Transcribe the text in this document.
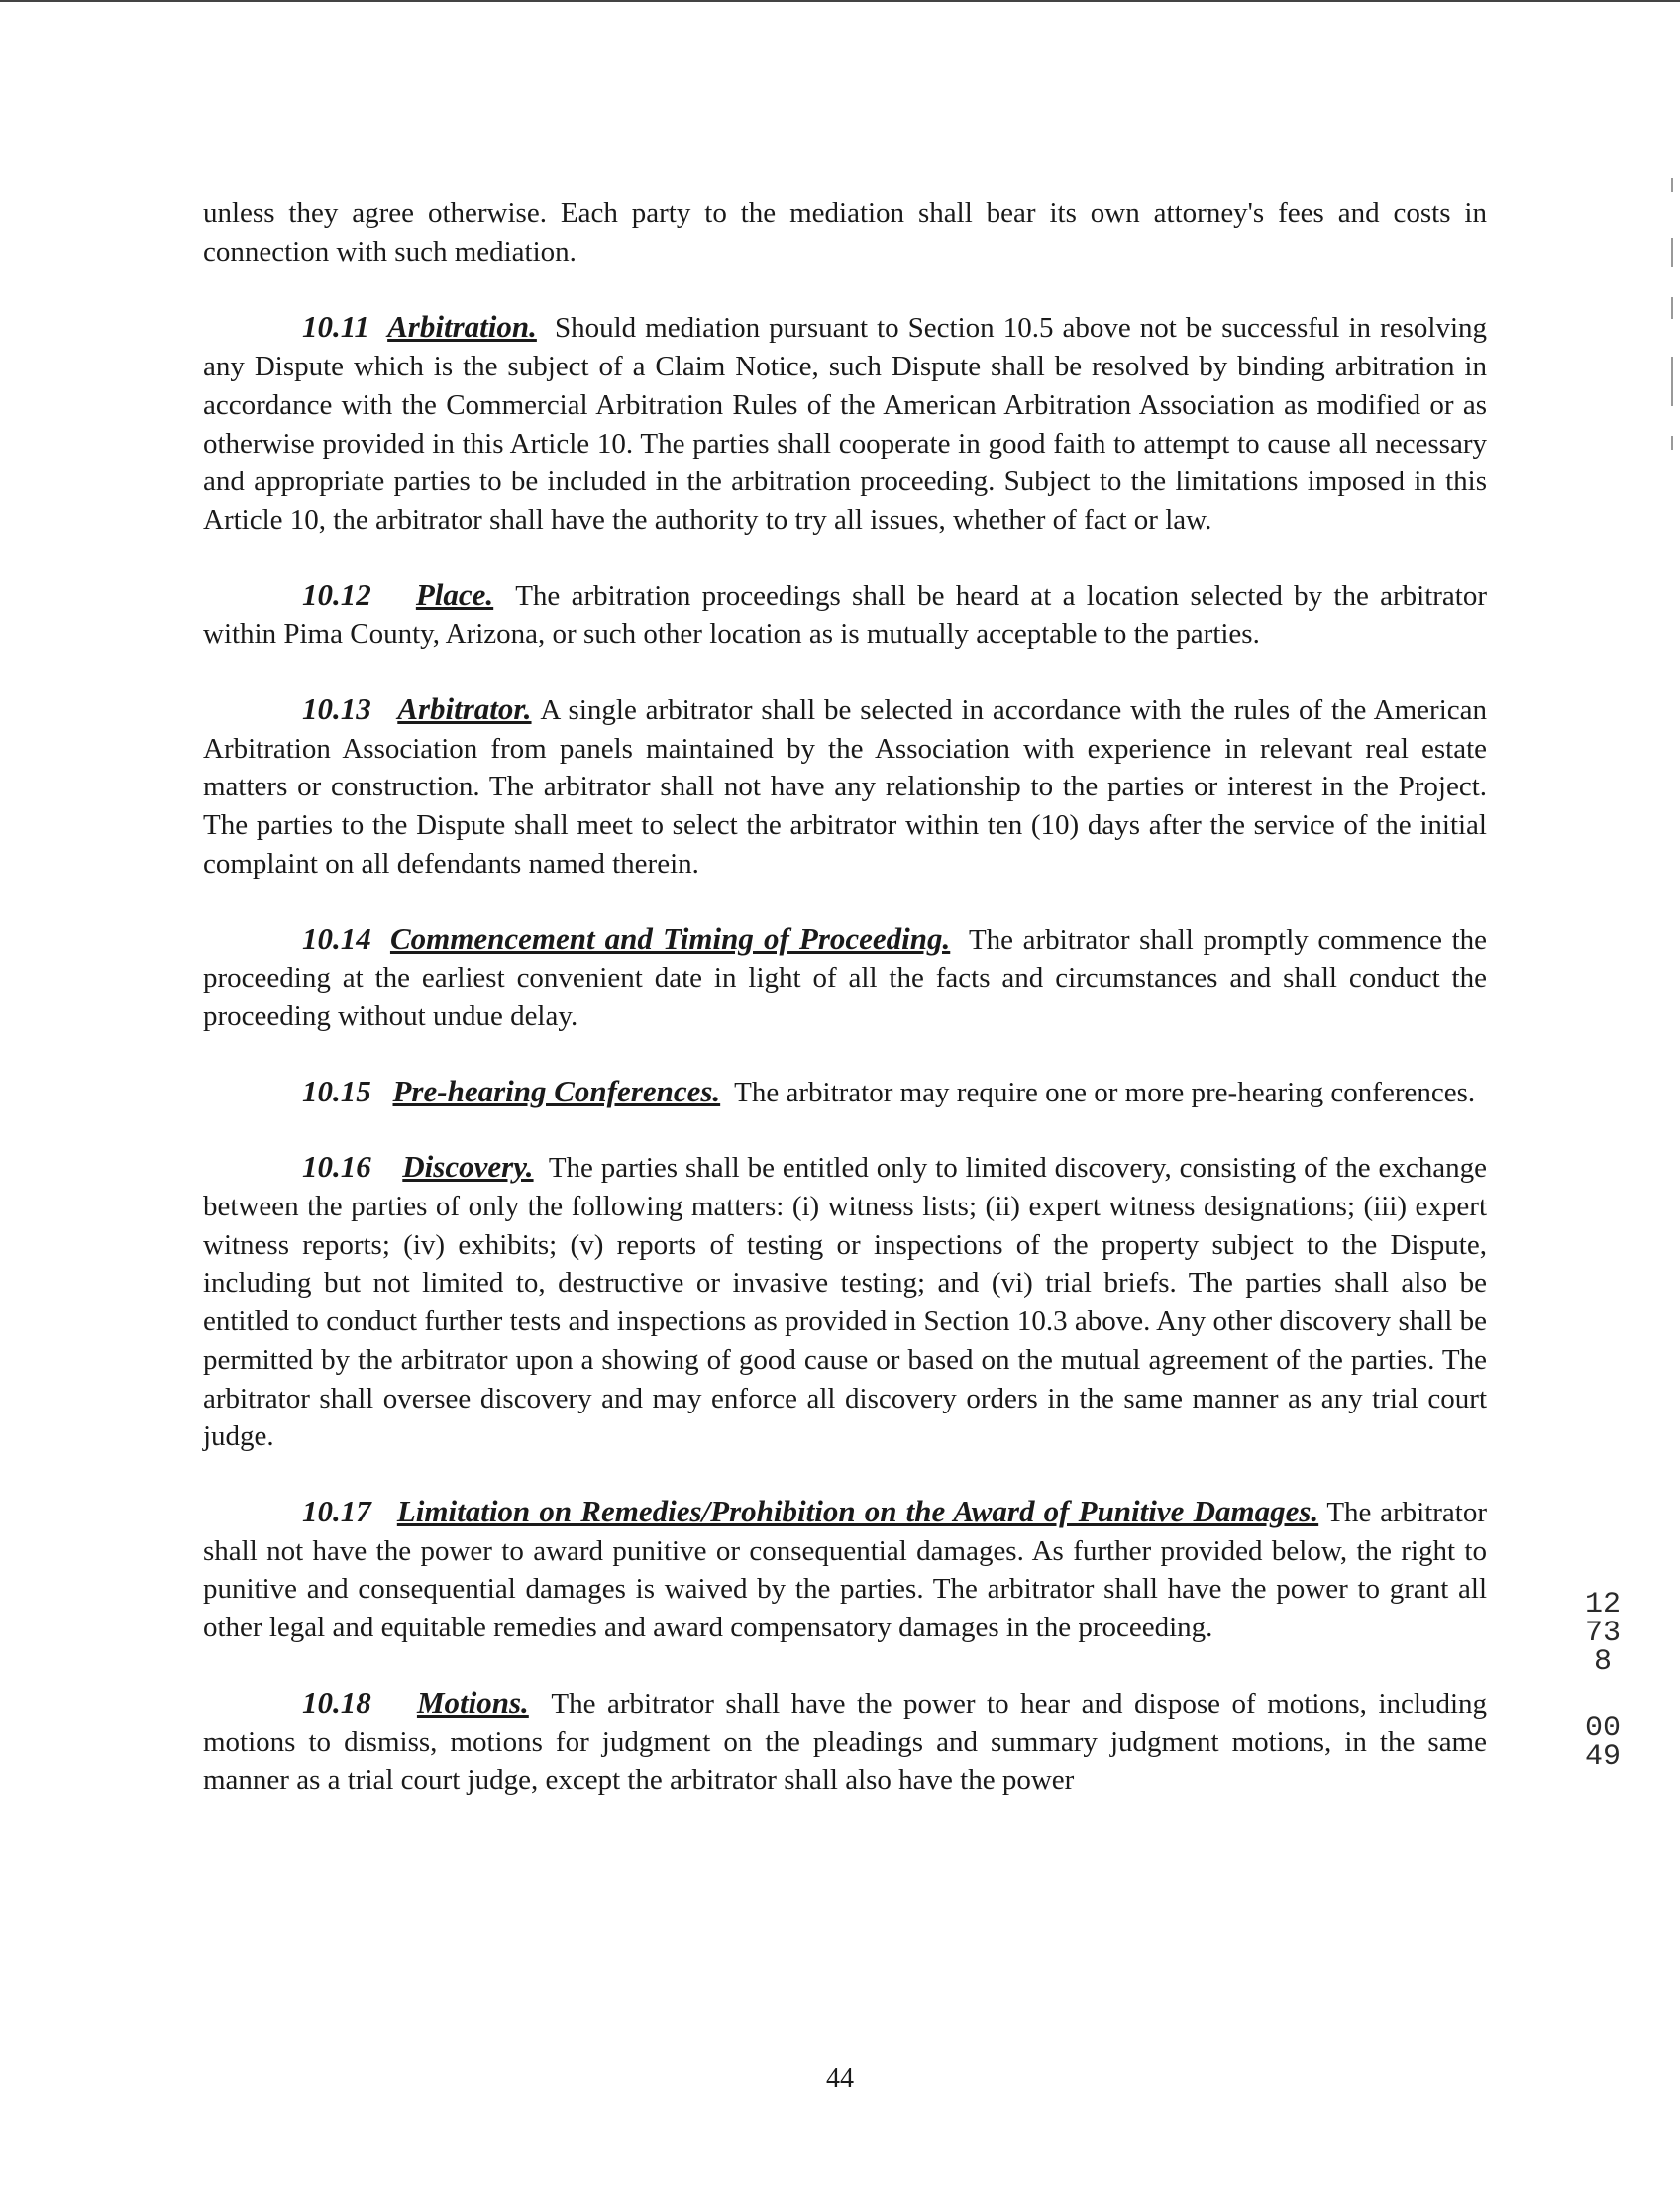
unless they agree otherwise. Each party to the mediation shall bear its own attorney's fees and costs in connection with such mediation.

10.11 Arbitration. Should mediation pursuant to Section 10.5 above not be successful in resolving any Dispute which is the subject of a Claim Notice, such Dispute shall be resolved by binding arbitration in accordance with the Commercial Arbitration Rules of the American Arbitration Association as modified or as otherwise provided in this Article 10. The parties shall cooperate in good faith to attempt to cause all necessary and appropriate parties to be included in the arbitration proceeding. Subject to the limitations imposed in this Article 10, the arbitrator shall have the authority to try all issues, whether of fact or law.

10.12 Place. The arbitration proceedings shall be heard at a location selected by the arbitrator within Pima County, Arizona, or such other location as is mutually acceptable to the parties.

10.13 Arbitrator. A single arbitrator shall be selected in accordance with the rules of the American Arbitration Association from panels maintained by the Association with experience in relevant real estate matters or construction. The arbitrator shall not have any relationship to the parties or interest in the Project. The parties to the Dispute shall meet to select the arbitrator within ten (10) days after the service of the initial complaint on all defendants named therein.

10.14 Commencement and Timing of Proceeding. The arbitrator shall promptly commence the proceeding at the earliest convenient date in light of all the facts and circumstances and shall conduct the proceeding without undue delay.

10.15 Pre-hearing Conferences. The arbitrator may require one or more pre-hearing conferences.

10.16 Discovery. The parties shall be entitled only to limited discovery, consisting of the exchange between the parties of only the following matters: (i) witness lists; (ii) expert witness designations; (iii) expert witness reports; (iv) exhibits; (v) reports of testing or inspections of the property subject to the Dispute, including but not limited to, destructive or invasive testing; and (vi) trial briefs. The parties shall also be entitled to conduct further tests and inspections as provided in Section 10.3 above. Any other discovery shall be permitted by the arbitrator upon a showing of good cause or based on the mutual agreement of the parties. The arbitrator shall oversee discovery and may enforce all discovery orders in the same manner as any trial court judge.

10.17 Limitation on Remedies/Prohibition on the Award of Punitive Damages. The arbitrator shall not have the power to award punitive or consequential damages. As further provided below, the right to punitive and consequential damages is waived by the parties. The arbitrator shall have the power to grant all other legal and equitable remedies and award compensatory damages in the proceeding.

10.18 Motions. The arbitrator shall have the power to hear and dispose of motions, including motions to dismiss, motions for judgment on the pleadings and summary judgment motions, in the same manner as a trial court judge, except the arbitrator shall also have the power

12738
0049
44
